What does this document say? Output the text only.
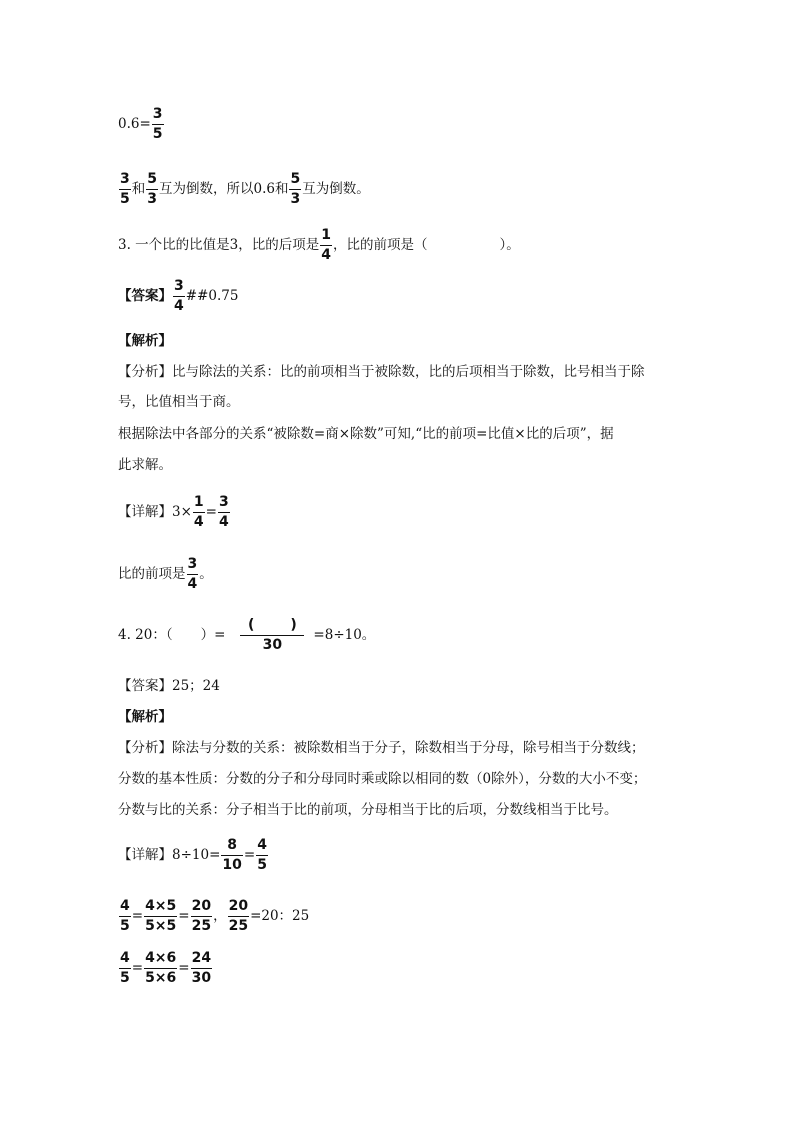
$0.6= \frac{3}{5}$
$\frac{3}{5}$ 和 $\frac{5}{3}$ 互为倒数，所以0.6和 $\frac{5}{3}$ 互为倒数。
3. 一个比的比值是3，比的后项是 $\frac{1}{4}$ ，比的前项是（	）。
【答案】 $\frac{3}{4}$ ##0.75
【解析】
【分析】比与除法的关系：比的前项相当于被除数，比的后项相当于除数，比号相当于除
号，比值相当于商。
根据除法中各部分的关系“被除数=商×除数”可知,“比的前项=比值×比的后项”，据
此求解。
【详解】$3\times \frac{1}{4} = \frac{3}{4}$
比的前项是 $\frac{3}{4}$ 。
4. 20：（ ）= (	)
30 =8÷10。
【答案】25；24
【解析】
【分析】除法与分数的关系：被除数相当于分子，除数相当于分母，除号相当于分数线；
分数的基本性质：分数的分子和分母同时乘或除以相同的数（0除外），分数的大小不变；
分数与比的关系：分子相当于比的前项，分母相当于比的后项，分数线相当于比号。
【详解】$8\div 10= \frac{8}{10} = \frac{4}{5}$
$\frac{4}{5} = \frac{4\times 5}{5\times 5} = \frac{20}{25}$ ， $\frac{20}{25} =20$：25
$\frac{4}{5} = \frac{4\times 6}{5\times 6} = \frac{24}{30}$
